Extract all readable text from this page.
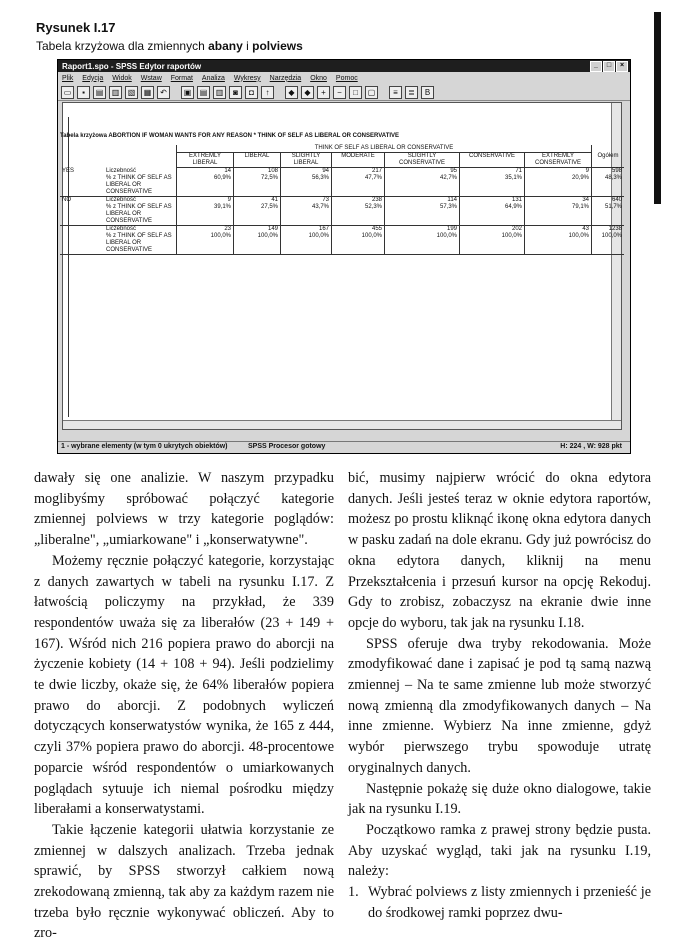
Rysunek I.17
Tabela krzyżowa dla zmiennych abany i polviews
Raport1.spo - SPSS Edytor raportów	_	□	×
Plik Edycja Widok Wstaw Format Analiza Wykresy Narzędzia Okno Pomoc
▭	▪	▤	▥	▧	▦	↶	▣	▤	▥	◙	◘	↑	◆	◆	+	−	□	▢	≡	≣	B
Tabela krzyżowa ABORTION IF WOMAN WANTS FOR ANY REASON * THINK OF SELF AS LIBERAL OR CONSERVATIVE
		THINK OF SELF AS LIBERAL OR CONSERVATIVE							
		EXTREMLY LIBERAL	LIBERAL	SLIGHTLY LIBERAL	MODERATE	SLIGHTLY CONSERVATIVE	CONSERVATIVE	EXTREMLY CONSERVATIVE	Ogółem
YES	Liczebność	14	108	94	217	95	71	9	598
	% z THINK OF SELF AS LIBERAL OR CONSERVATIVE	60,9%	72,5%	56,3%	47,7%	42,7%	35,1%	20,9%	48,3%
NO	Liczebność	9	41	73	238	114	131	34	640
	% z THINK OF SELF AS LIBERAL OR CONSERVATIVE	39,1%	27,5%	43,7%	52,3%	57,3%	64,9%	79,1%	51,7%
	Liczebność	23	149	167	455	199	202	43	1238
	% z THINK OF SELF AS LIBERAL OR CONSERVATIVE	100,0%	100,0%	100,0%	100,0%	100,0%	100,0%	100,0%	100,0%
1 - wybrane elementy (w tym 0 ukrytych obiektów)	SPSS Procesor gotowy	H: 224 , W: 928 pkt

dawały się one analizie. W naszym przypadku moglibyśmy spróbować połączyć kategorie zmiennej polviews w trzy kategorie poglądów: „liberalne", „umiarkowane" i „konserwatywne".

Możemy ręcznie połączyć kategorie, korzystając z danych zawartych w tabeli na rysunku I.17. Z łatwością policzymy na przykład, że 339 respondentów uważa się za liberałów (23 + 149 + 167). Wśród nich 216 popiera prawo do aborcji na życzenie kobiety (14 + 108 + 94). Jeśli podzielimy te dwie liczby, okaże się, że 64% liberałów popiera prawo do aborcji. Z podobnych wyliczeń dotyczących konserwatystów wynika, że 165 z 444, czyli 37% popiera prawo do aborcji. 48-procentowe poparcie wśród respondentów o umiarkowanych poglądach sytuuje ich niemal pośrodku między liberałami a konserwatystami.

Takie łączenie kategorii ułatwia korzystanie ze zmiennej w dalszych analizach. Trzeba jednak sprawić, by SPSS stworzył całkiem nową zrekodowaną zmienną, tak aby za każdym razem nie trzeba było ręcznie wykonywać obliczeń. Aby to zro-

bić, musimy najpierw wrócić do okna edytora danych. Jeśli jesteś teraz w oknie edytora raportów, możesz po prostu kliknąć ikonę okna edytora danych w pasku zadań na dole ekranu. Gdy już powrócisz do okna edytora danych, kliknij na menu Przekształcenia i przesuń kursor na opcję Rekoduj. Gdy to zrobisz, zobaczysz na ekranie dwie inne opcje do wyboru, tak jak na rysunku I.18.

SPSS oferuje dwa tryby rekodowania. Może zmodyfikować dane i zapisać je pod tą samą nazwą zmiennej – Na te same zmienne lub może stworzyć nową zmienną dla zmodyfikowanych danych – Na inne zmienne. Wybierz Na inne zmienne, gdyż wybór pierwszego trybu spowoduje utratę oryginalnych danych.

Następnie pokażę się duże okno dialogowe, takie jak na rysunku I.19.

Początkowo ramka z prawej strony będzie pusta. Aby uzyskać wygląd, taki jak na rysunku I.19, należy:

1. Wybrać polviews z listy zmiennych i przenieść je do środkowej ramki poprzez dwu-
